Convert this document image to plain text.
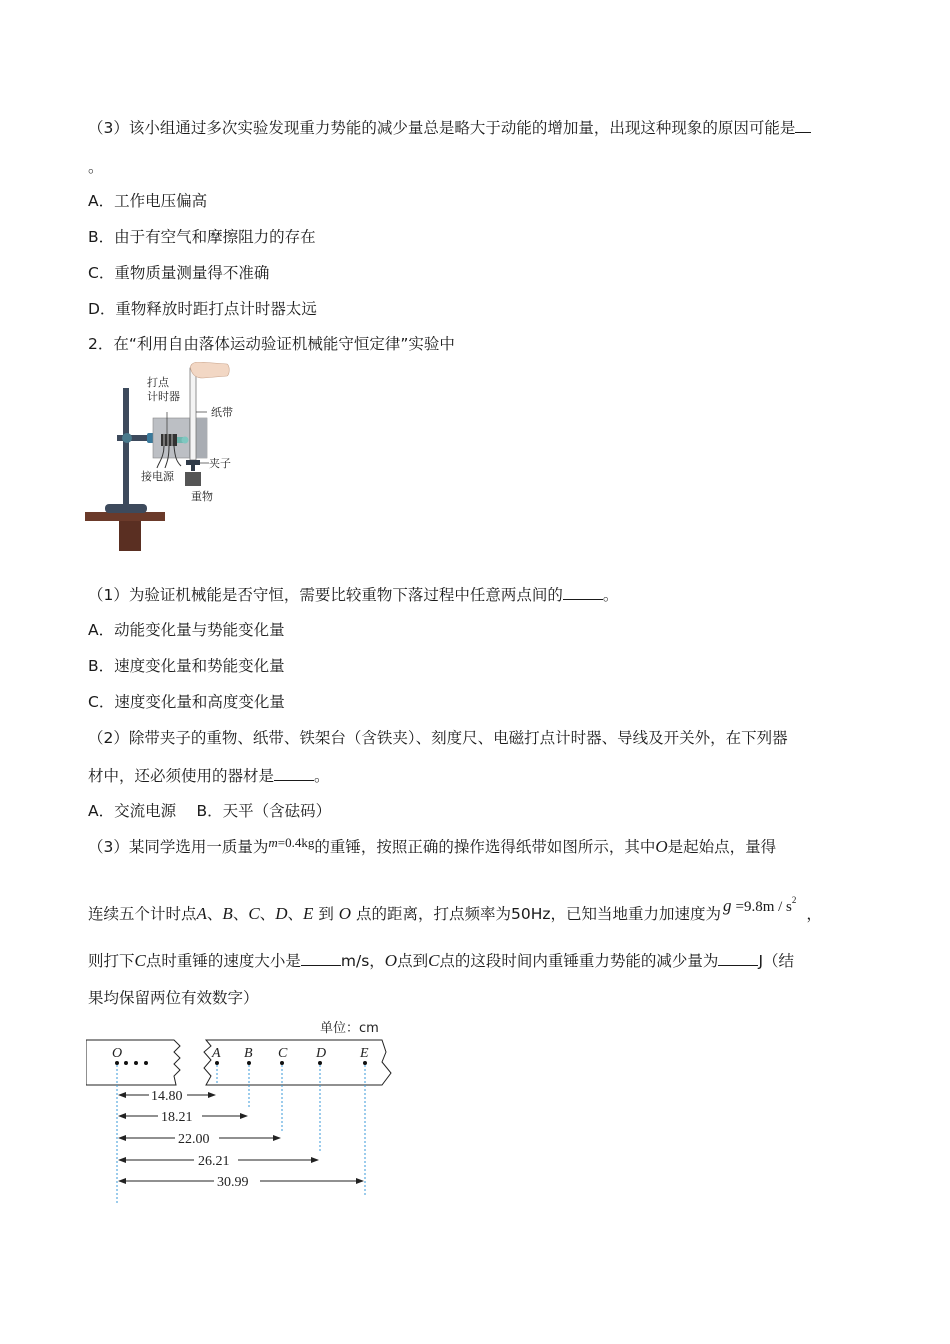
（3）该小组通过多次实验发现重力势能的减少量总是略大于动能的增加量，出现这种现象的原因可能是
。
A．工作电压偏高
B．由于有空气和摩擦阻力的存在
C．重物质量测量得不准确
D．重物释放时距打点计时器太远
2．在“利用自由落体运动验证机械能守恒定律”实验中
打点
计时器
纸带
接电源
夹子
重物
（1）为验证机械能是否守恒，需要比较重物下落过程中任意两点间的	。
A．动能变化量与势能变化量
B．速度变化量和势能变化量
C．速度变化量和高度变化量
（2）除带夹子的重物、纸带、铁架台（含铁夹）、刻度尺、电磁打点计时器、导线及开关外，在下列器
材中，还必须使用的器材是	。
A．交流电源　 B．天平（含砝码）
（3）某同学选用一质量为$^{m=0.4kg}$的重锤，按照正确的操作选得纸带如图所示，其中O是起始点，量得
连续五个计时点A、B、C、D、E 到 O 点的距离，打点频率为50Hz，已知当地重力加速度为 $g =9.8m / s^2$，
则打下C点时重锤的速度大小是	m/s，O点到C点的这段时间内重锤重力势能的减少量为	J（结
果均保留两位有效数字）
单位：cm
O	A B C D E
14.80
18.21
22.00
26.21
30.99
